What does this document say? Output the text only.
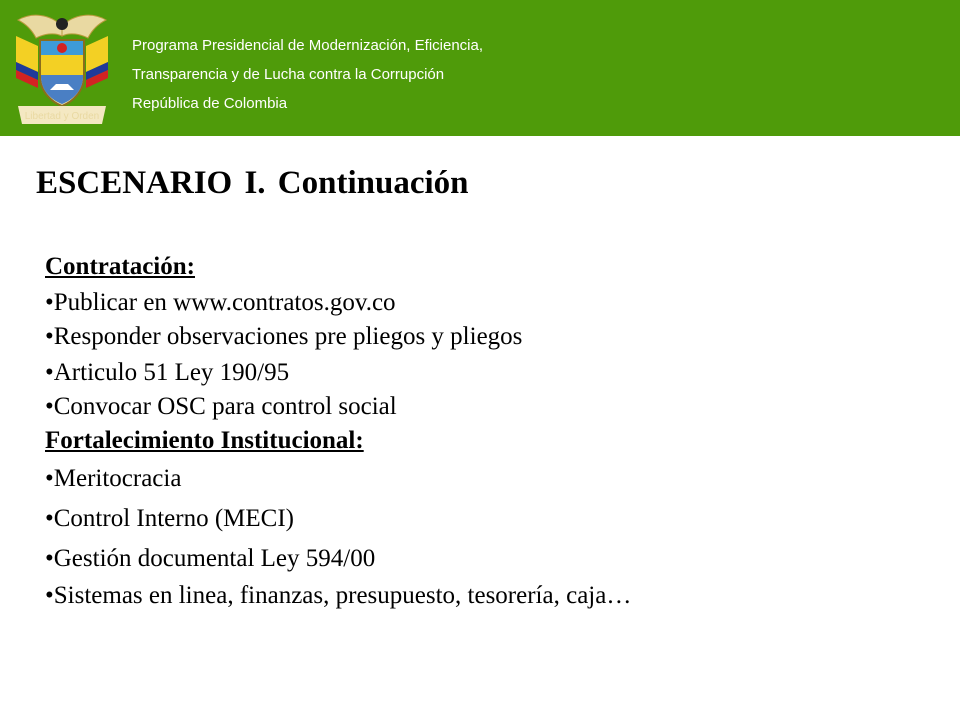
Libertad y Orden
Programa Presidencial de Modernización, Eficiencia,
Transparencia y de Lucha contra la Corrupción
República de Colombia
ESCENARIO I. Continuación
Contratación:
•Publicar en www.contratos.gov.co
•Responder observaciones pre pliegos y pliegos
•Articulo 51 Ley 190/95
•Convocar OSC para control social
Fortalecimiento Institucional:
•Meritocracia
•Control Interno (MECI)
•Gestión documental Ley 594/00
•Sistemas en linea, finanzas, presupuesto, tesorería, caja…
